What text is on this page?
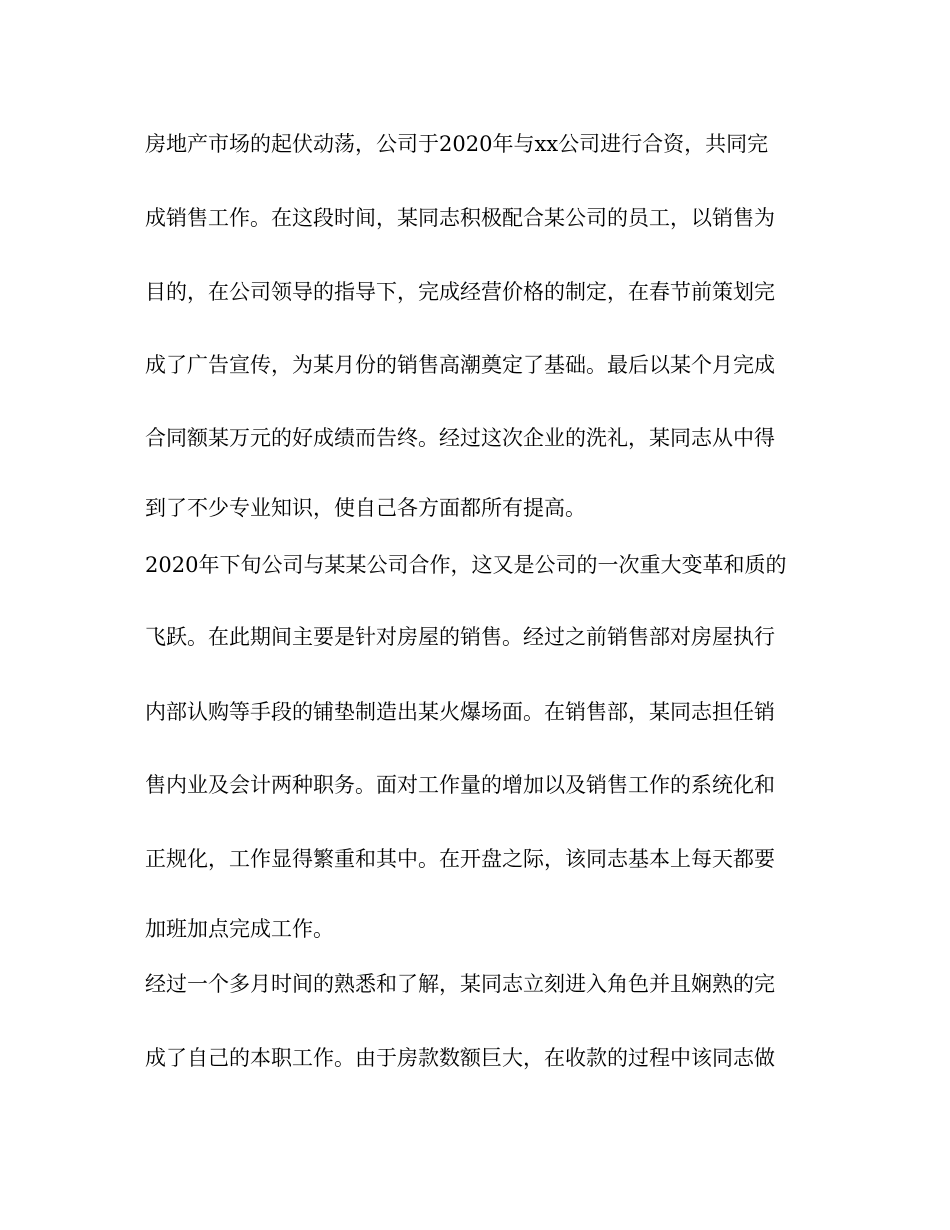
房地产市场的起伏动荡，公司于2020年与xx公司进行合资，共同完
成销售工作。在这段时间，某同志积极配合某公司的员工，以销售为
目的，在公司领导的指导下，完成经营价格的制定，在春节前策划完
成了广告宣传，为某月份的销售高潮奠定了基础。最后以某个月完成
合同额某万元的好成绩而告终。经过这次企业的洗礼，某同志从中得
到了不少专业知识，使自己各方面都所有提高。
2020年下旬公司与某某公司合作，这又是公司的一次重大变革和质的
飞跃。在此期间主要是针对房屋的销售。经过之前销售部对房屋执行
内部认购等手段的铺垫制造出某火爆场面。在销售部，某同志担任销
售内业及会计两种职务。面对工作量的增加以及销售工作的系统化和
正规化，工作显得繁重和其中。在开盘之际，该同志基本上每天都要
加班加点完成工作。
经过一个多月时间的熟悉和了解，某同志立刻进入角色并且娴熟的完
成了自己的本职工作。由于房款数额巨大，在收款的过程中该同志做
